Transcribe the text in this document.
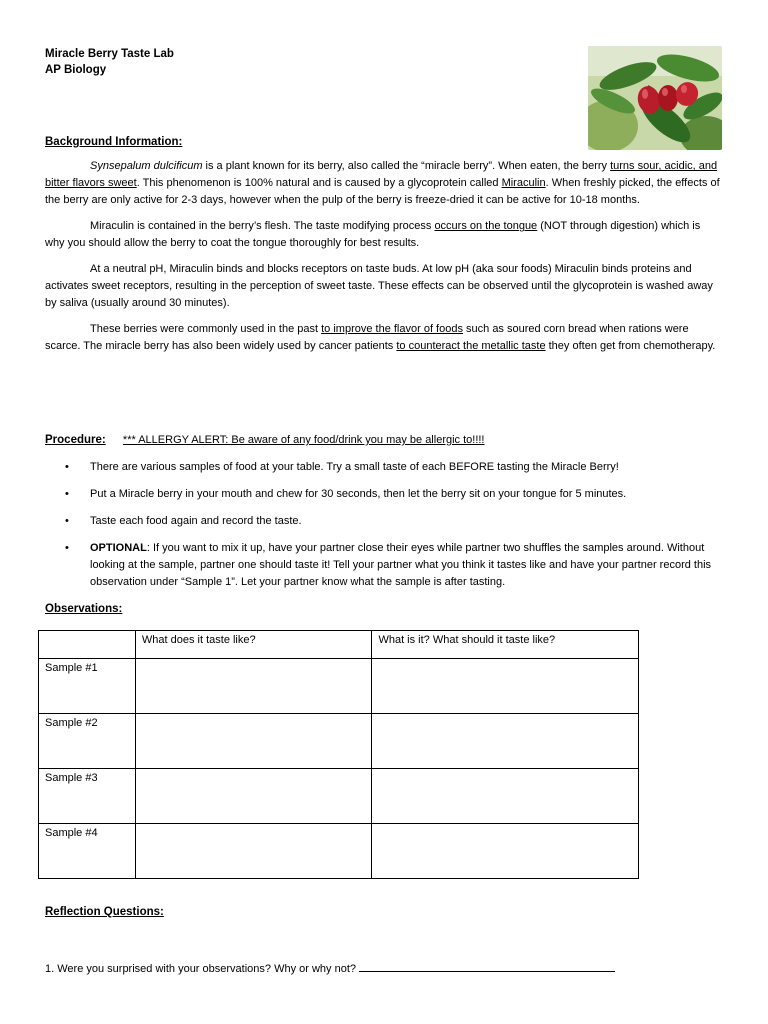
Miracle Berry Taste Lab
AP Biology
Background Information:

Synsepalum dulcificum is a plant known for its berry, also called the “miracle berry”. When eaten, the berry turns sour, acidic, and bitter flavors sweet. This phenomenon is 100% natural and is caused by a glycoprotein called Miraculin. When freshly picked, the effects of the berry are only active for 2-3 days, however when the pulp of the berry is freeze-dried it can be active for 10-18 months.

Miraculin is contained in the berry’s flesh. The taste modifying process occurs on the tongue (NOT through digestion) which is why you should allow the berry to coat the tongue thoroughly for best results.

At a neutral pH, Miraculin binds and blocks receptors on taste buds. At low pH (aka sour foods) Miraculin binds proteins and activates sweet receptors, resulting in the perception of sweet taste. These effects can be observed until the glycoprotein is washed away by saliva (usually around 30 minutes).

These berries were commonly used in the past to improve the flavor of foods such as soured corn bread when rations were scarce. The miracle berry has also been widely used by cancer patients to counteract the metallic taste they often get from chemotherapy.

Procedure: *** ALLERGY ALERT: Be aware of any food/drink you may be allergic to!!!!
• There are various samples of food at your table. Try a small taste of each BEFORE tasting the Miracle Berry!
• Put a Miracle berry in your mouth and chew for 30 seconds, then let the berry sit on your tongue for 5 minutes.
• Taste each food again and record the taste.
• OPTIONAL: If you want to mix it up, have your partner close their eyes while partner two shuffles the samples around. Without looking at the sample, partner one should taste it! Tell your partner what you think it tastes like and have your partner record this observation under “Sample 1”. Let your partner know what the sample is after tasting.
Observations:
	What does it taste like?	What is it? What should it taste like?
Sample #1		
Sample #2		
Sample #3		
Sample #4		
Reflection Questions:
1. Were you surprised with your observations? Why or why not?
